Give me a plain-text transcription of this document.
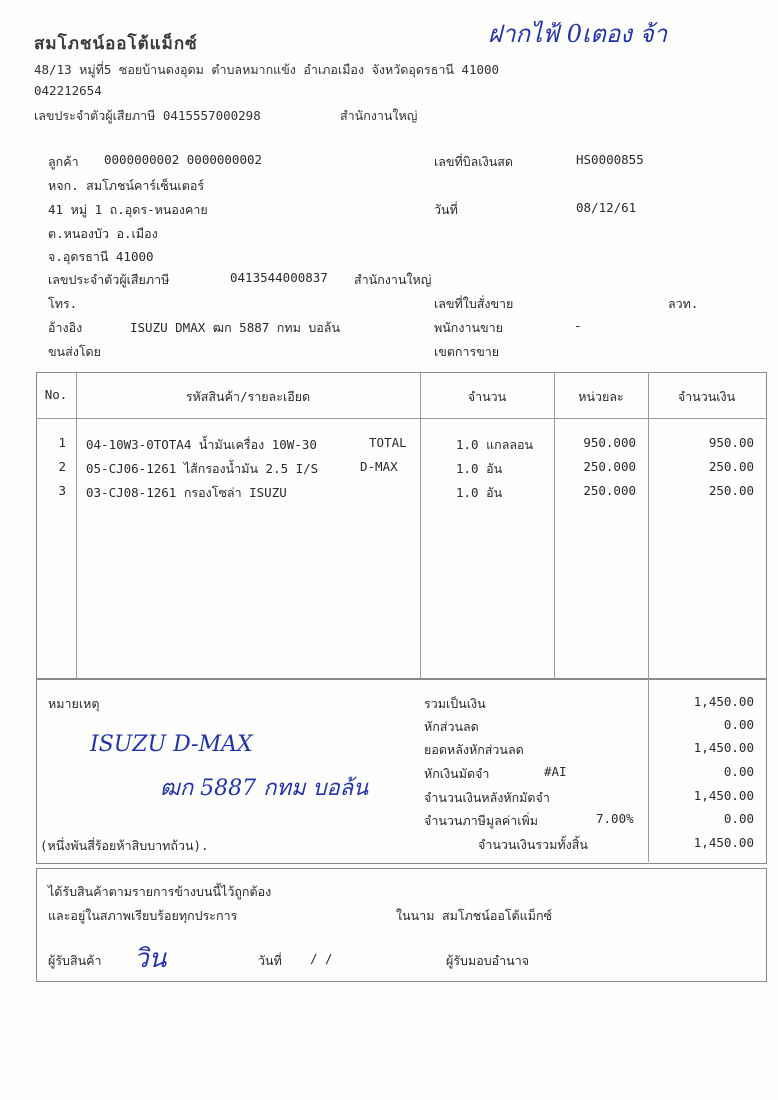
สมโภชน์ออโต้แม็กซ์	ฝากไฟ้ 0เตอง จ้า
48/13 หมู่ที่5 ซอยบ้านดงอุดม ตำบลหมากแข้ง อำเภอเมือง จังหวัดอุดรธานี 41000
042212654
เลขประจำตัวผู้เสียภาษี 0415557000298	สำนักงานใหญ่
ลูกค้า 0000000002 0000000002
หจก. สมโภชน์คาร์เซ็นเตอร์
41 หมู่ 1 ถ.อุดร-หนองคาย
ต.หนองบัว อ.เมือง
จ.อุดรธานี 41000
เลขประจำตัวผู้เสียภาษี	0413544000837 สำนักงานใหญ่
โทร.
อ้างอิง	ISUZU DMAX ฒก 5887 กทม บอล้น
ขนส่งโดย
เลขที่บิลเงินสด	HS0000855
วันที่	08/12/61
เลขที่ใบสั่งขาย	ลวท.
พนักงานขาย	-
เขตการขาย
No.	รหัสสินค้า/รายละเอียด	จำนวน	หน่วยละ	จำนวนเงิน
1 04-10W3-0TOTA4 น้ำมันเครื่อง 10W-30	TOTAL	1.0 แกลลอน	950.000	950.00
2 05-CJ06-1261 ไส้กรองน้ำมัน 2.5 I/S	D-MAX	1.0 อัน	250.000	250.00
3 03-CJ08-1261 กรองโซล่า ISUZU	1.0 อัน	250.000	250.00
หมายเหตุ
ISUZU D-MAX
ฒก 5887 กทม บอล้น
(หนึ่งพันสี่ร้อยห้าสิบบาทถ้วน).
รวมเป็นเงิน	1,450.00
หักส่วนลด	0.00
ยอดหลังหักส่วนลด	1,450.00
หักเงินมัดจำ	#AI	0.00
จำนวนเงินหลังหักมัดจำ	1,450.00
จำนวนภาษีมูลค่าเพิ่ม	7.00%	0.00
จำนวนเงินรวมทั้งสิ้น	1,450.00
ได้รับสินค้าตามรายการข้างบนนี้ไว้ถูกต้อง
และอยู่ในสภาพเรียบร้อยทุกประการ	ในนาม สมโภชน์ออโต้แม็กซ์
ผู้รับสินค้า วิน	วันที่ / /	ผู้รับมอบอำนาจ
